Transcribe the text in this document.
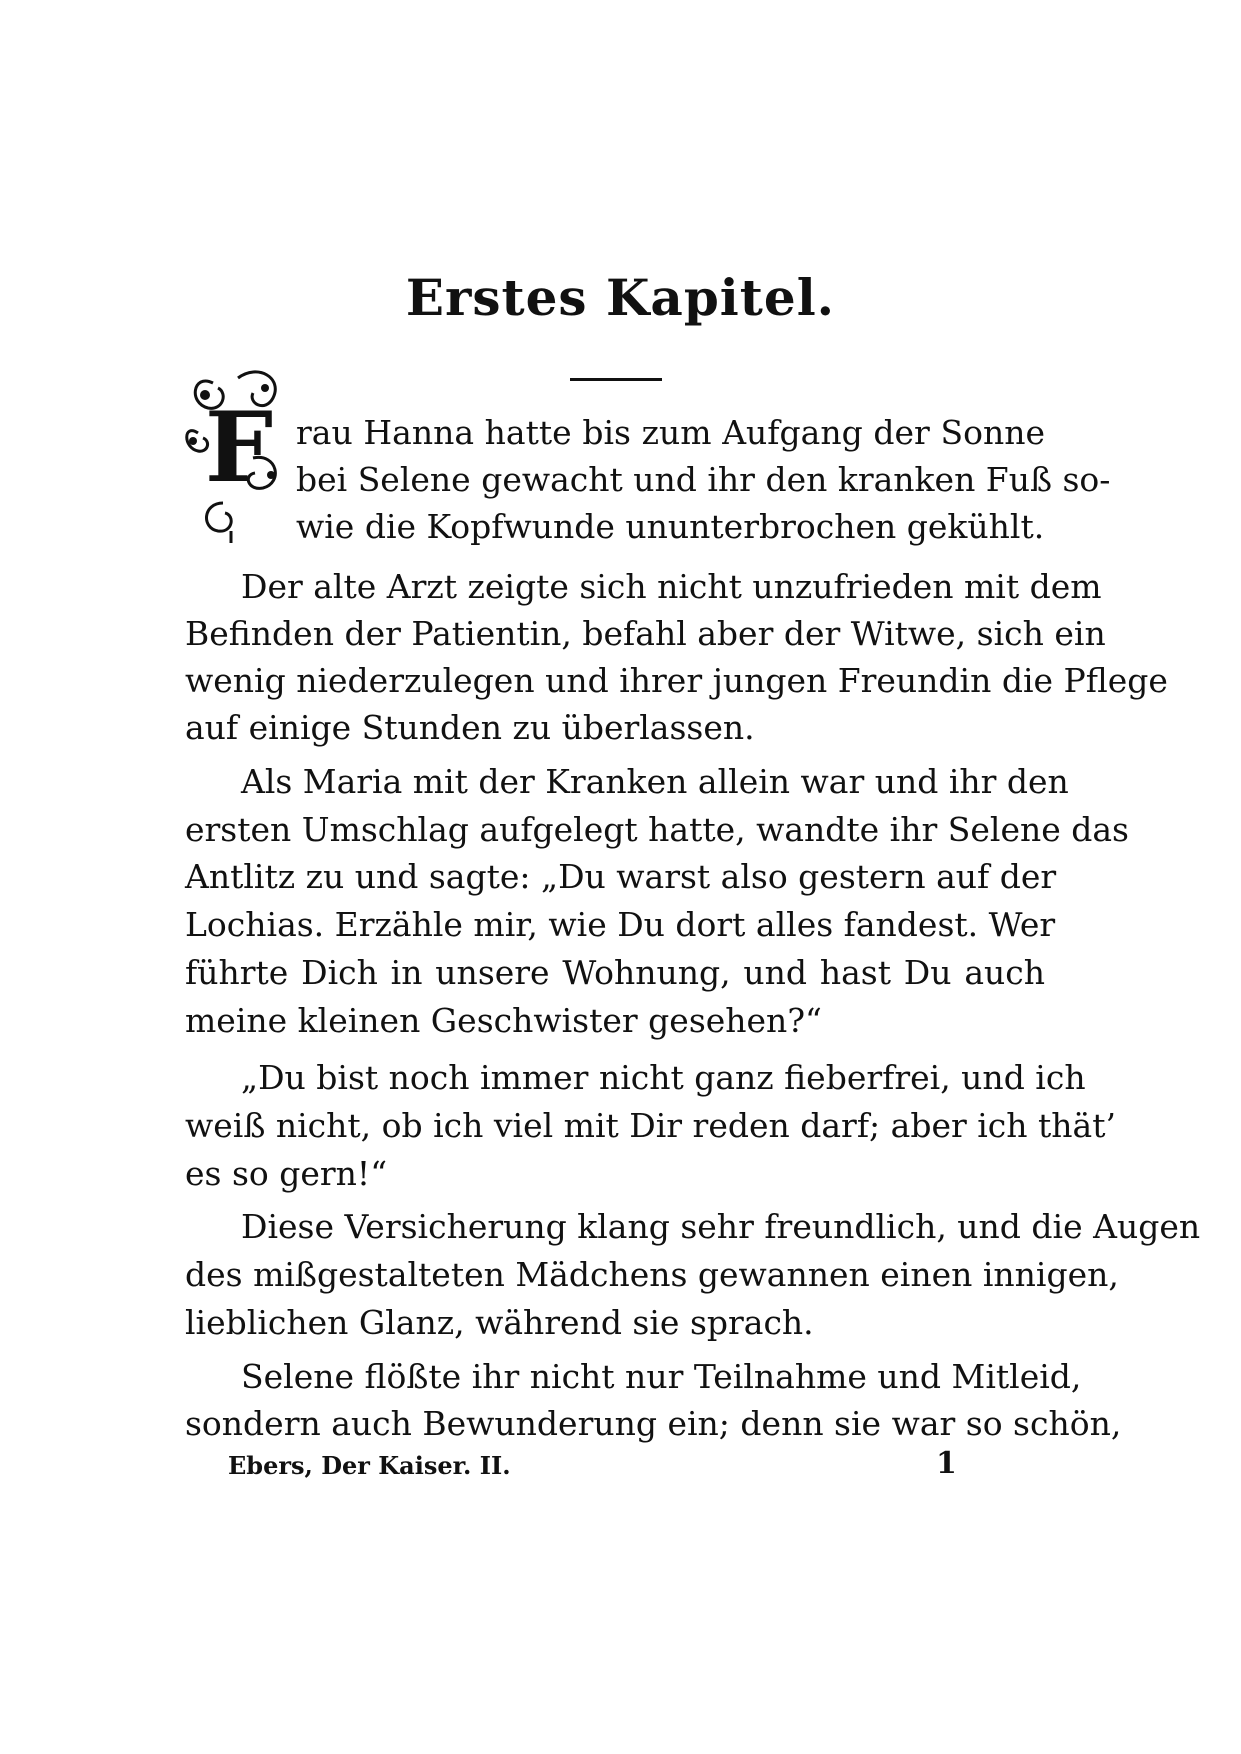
Erstes Kapitel.
F rau Hanna hatte bis zum Aufgang der Sonne
bei Selene gewacht und ihr den kranken Fuß so-
wie die Kopfwunde ununterbrochen gekühlt.
Der alte Arzt zeigte sich nicht unzufrieden mit dem
Befinden der Patientin, befahl aber der Witwe, sich ein
wenig niederzulegen und ihrer jungen Freundin die Pflege
auf einige Stunden zu überlassen.
Als Maria mit der Kranken allein war und ihr den
ersten Umschlag aufgelegt hatte, wandte ihr Selene das
Antlitz zu und sagte: „Du warst also gestern auf der
Lochias. Erzähle mir, wie Du dort alles fandest. Wer
führte Dich in unsere Wohnung, und hast Du auch
meine kleinen Geschwister gesehen?“
„Du bist noch immer nicht ganz fieberfrei, und ich
weiß nicht, ob ich viel mit Dir reden darf; aber ich thät’
es so gern!“
Diese Versicherung klang sehr freundlich, und die Augen
des mißgestalteten Mädchens gewannen einen innigen,
lieblichen Glanz, während sie sprach.
Selene flößte ihr nicht nur Teilnahme und Mitleid,
sondern auch Bewunderung ein; denn sie war so schön,
Ebers, Der Kaiser. II.	1
